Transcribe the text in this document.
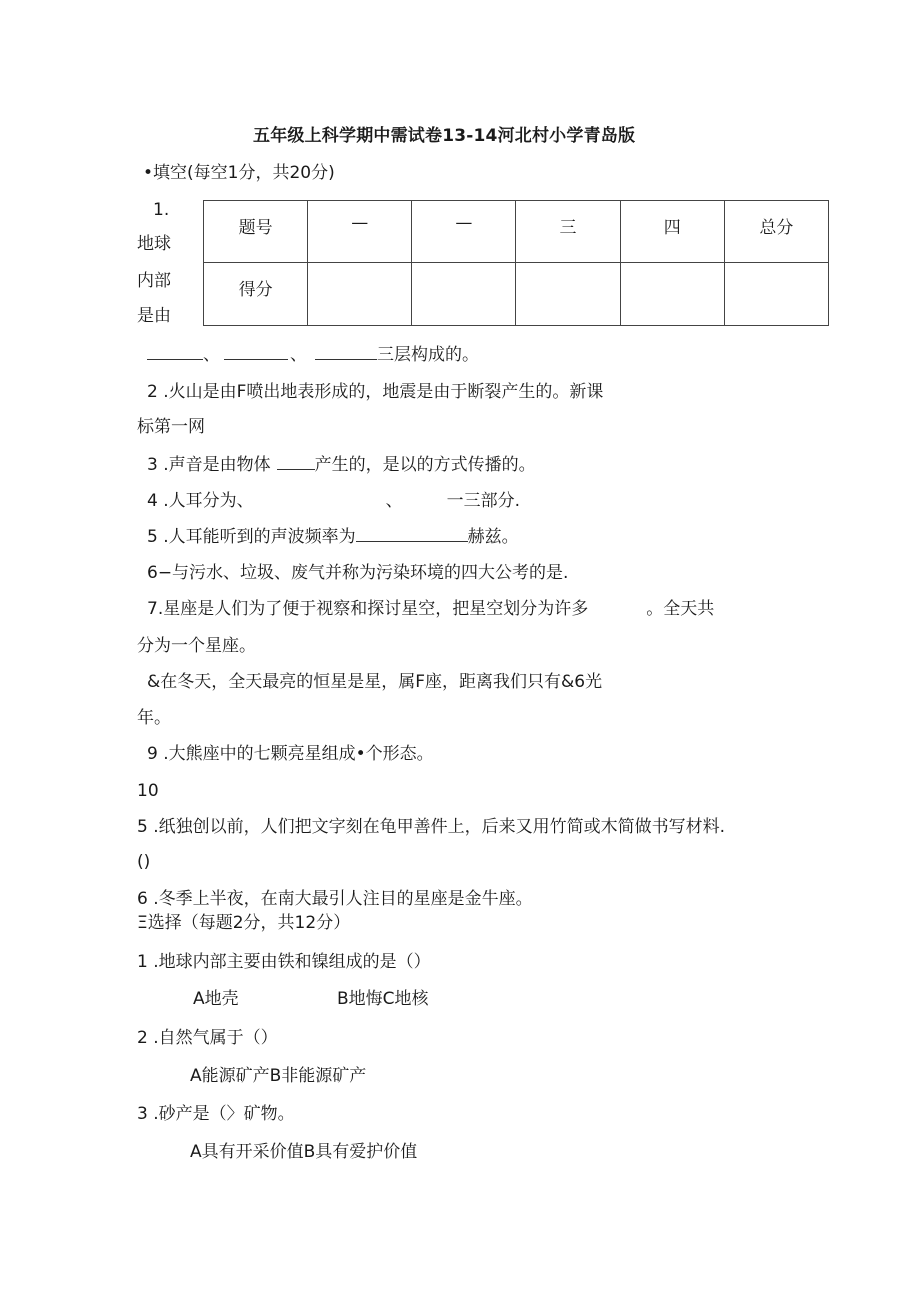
五年级上科学期中需试卷13-14河北村小学青岛版
•填空(每空1分，共20分)
1.
地球
内部
是由
题号	—	—	三	四	总分
得分					
、	、	三层构成的。
2 .火山是由F喷出地表形成的，地震是由于断裂产生的。新课
标第一网
3 .声音是由物体	产生的，是以的方式传播的。
4 .人耳分为、	、	一三部分.
5 .人耳能听到的声波频率为	赫兹。
6−与污水、垃圾、废气并称为污染环境的四大公考的是.
7.星座是人们为了便于视察和探讨星空，把星空划分为许多	。全天共
分为一个星座。
&在冬天，全天最亮的恒星是星，属F座，距离我们只有&6光
年。
9 .大熊座中的七颗亮星组成•个形态。
10
5 .纸独创以前，人们把文字刻在龟甲善件上，后来又用竹简或木简做书写材料.
()
6 .冬季上半夜，在南大最引人注目的星座是金牛座。
Ξ选择（每题2分，共12分）
1 .地球内部主要由铁和镍组成的是（）
A地壳	B地悔C地核
2 .自然气属于（）
A能源矿产B非能源矿产
3 .砂产是（〉矿物。
A具有开采价值B具有爱护价值
